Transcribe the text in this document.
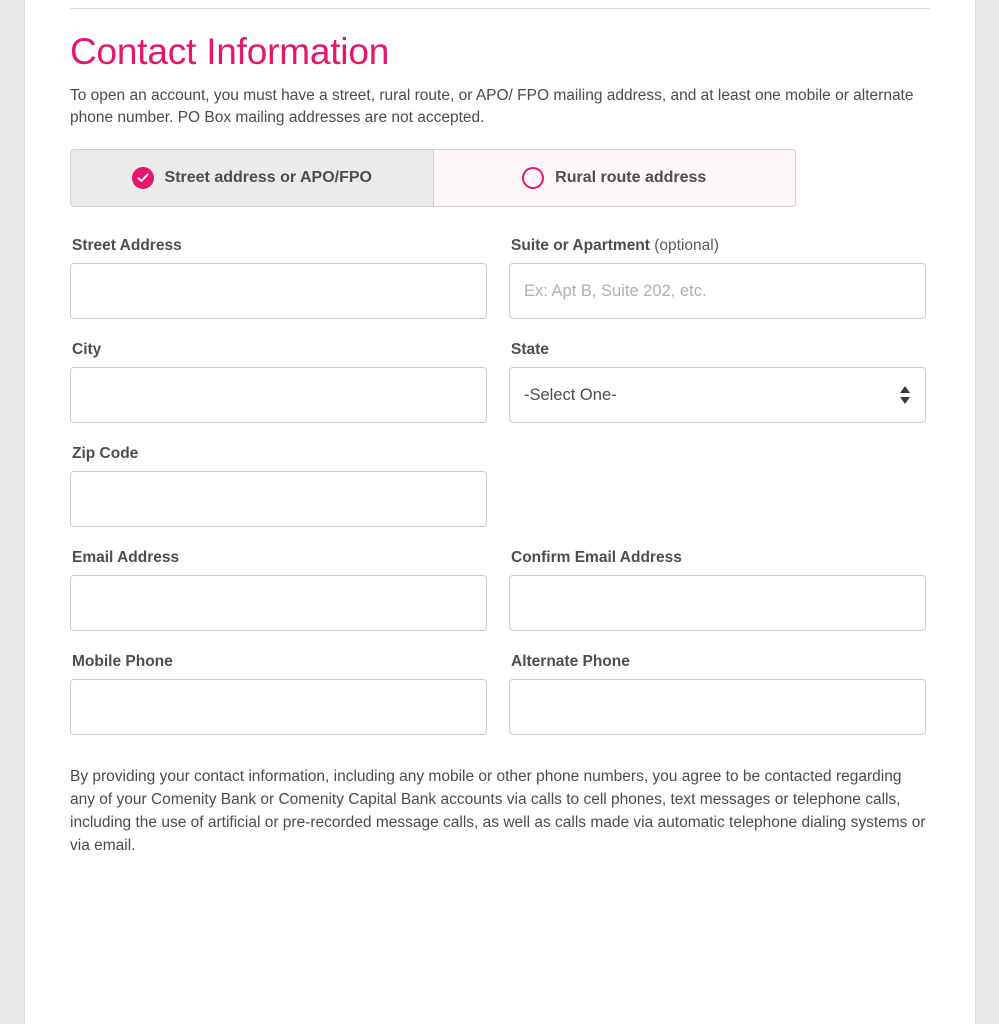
Contact Information

To open an account, you must have a street, rural route, or APO/ FPO mailing address, and at least one mobile or alternate phone number. PO Box mailing addresses are not accepted.

Street address or APO/FPO	Rural route address
Street Address	Suite or Apartment (optional)
Ex: Apt B, Suite 202, etc.
City	State
-Select One-
Zip Code
Email Address	Confirm Email Address
Mobile Phone	Alternate Phone

By providing your contact information, including any mobile or other phone numbers, you agree to be contacted regarding any of your Comenity Bank or Comenity Capital Bank accounts via calls to cell phones, text messages or telephone calls, including the use of artificial or pre-recorded message calls, as well as calls made via automatic telephone dialing systems or via email.
